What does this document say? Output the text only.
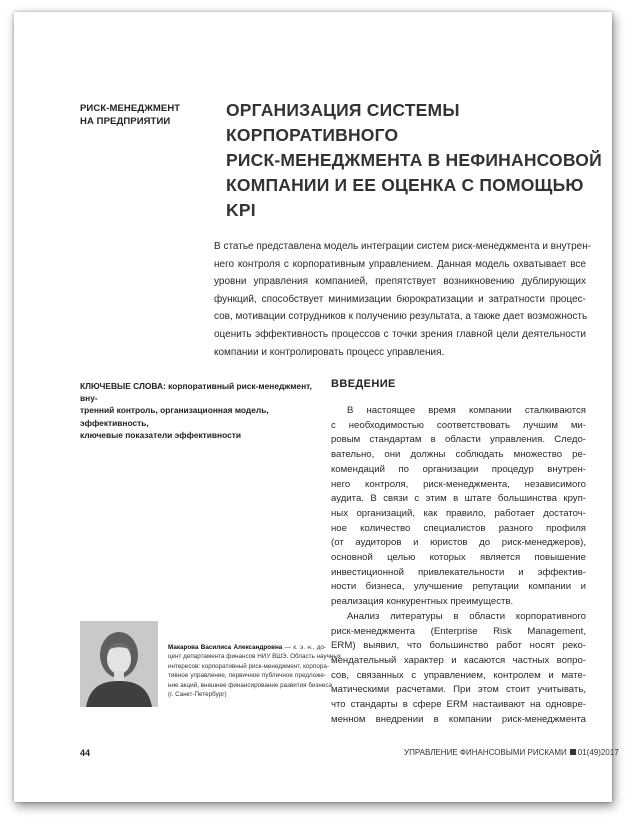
РИСК-МЕНЕДЖМЕНТ
НА ПРЕДПРИЯТИИ
ОРГАНИЗАЦИЯ СИСТЕМЫ КОРПОРАТИВНОГО
РИСК-МЕНЕДЖМЕНТА В НЕФИНАНСОВОЙ
КОМПАНИИ И ЕЕ ОЦЕНКА С ПОМОЩЬЮ KPI
В статье представлена модель интеграции систем риск-менеджмента и внутрен-
него контроля с корпоративным управлением. Данная модель охватывает все
уровни управления компанией, препятствует возникновению дублирующих
функций, способствует минимизации бюрократизации и затратности процес-
сов, мотивации сотрудников к получению результата, а также дает возможность
оценить эффективность процессов с точки зрения главной цели деятельности
компании и контролировать процесс управления.
КЛЮЧЕВЫЕ СЛОВА: корпоративный риск-менеджмент, вну-
тренний контроль, организационная модель, эффективность,
ключевые показатели эффективности
ВВЕДЕНИЕ
В настоящее время компании сталкиваются
с необходимостью соответствовать лучшим ми-
ровым стандартам в области управления. Следо-
вательно, они должны соблюдать множество ре-
комендаций по организации процедур внутрен-
него контроля, риск-менеджмента, независимого
аудита. В связи с этим в штате большинства круп-
ных организаций, как правило, работает достаточ-
ное количество специалистов разного профиля
(от аудиторов и юристов до риск-менеджеров),
основной целью которых является повышение
инвестиционной привлекательности и эффектив-
ности бизнеса, улучшение репутации компании и
реализация конкурентных преимуществ.
Анализ литературы в области корпоративного
риск-менеджмента (Enterprise Risk Management,
ERM) выявил, что большинство работ носят реко-
мендательный характер и касаются частных вопро-
сов, связанных с управлением, контролем и мате-
матическими расчетами. При этом стоит учитывать,
что стандарты в сфере ERM настаивают на одновре-
менном внедрении в компании риск-менеджмента
Макарова Василиса Александровна — к. э. н., до-
цент департамента финансов НИУ ВШЭ. Область научных
интересов: корпоративный риск-менеджмент, корпора-
тивное управление, первичное публичное предложе-
ние акций, внешнее финансирование развития бизнеса
(г. Санкт-Петербург)
44	УПРАВЛЕНИЕ ФИНАНСОВЫМИ РИСКАМИ 01(49)2017
